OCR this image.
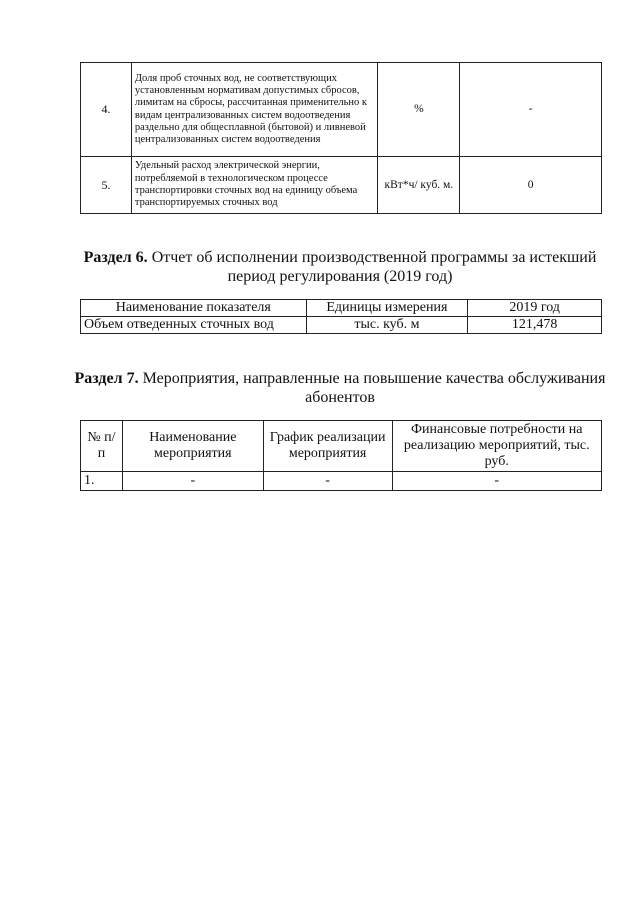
4.	Доля проб сточных вод, не соответствующих установленным нормативам допустимых сбросов, лимитам на сбросы, рассчитанная применительно к видам централизованных систем водоотведения раздельно для общесплавной (бытовой) и ливневой централизованных систем водоотведения	%	-
5.	Удельный расход электрической энергии, потребляемой в технологическом процессе транспортировки сточных вод на единицу объема транспортируемых сточных вод	кВт*ч/ куб. м.	0
Раздел 6. Отчет об исполнении производственной программы за истекший период регулирования (2019 год)
Наименование показателя	Единицы измерения	2019 год
Объем отведенных сточных вод	тыс. куб. м	121,478
Раздел 7. Мероприятия, направленные на повышение качества обслуживания абонентов
№ п/п	Наименование мероприятия	График реализации мероприятия	Финансовые потребности на реализацию мероприятий, тыс. руб.
1.	-	-	-
